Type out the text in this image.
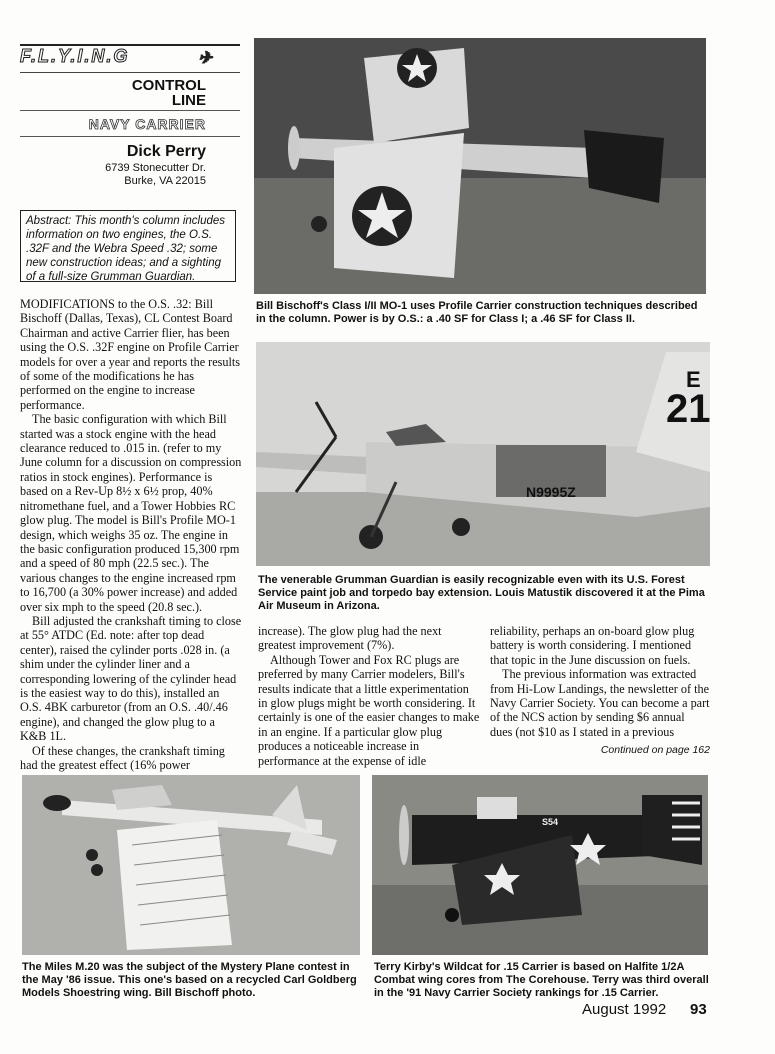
F.L.Y.I.N.G	✈
CONTROL
LINE
NAVY CARRIER
Dick Perry
6739 Stonecutter Dr.
Burke, VA 22015
Abstract: This month's column includes information on two engines, the O.S. .32F and the Webra Speed .32; some new construction ideas; and a sighting of a full-size Grumman Guardian.
Bill Bischoff's Class I/II MO-1 uses Profile Carrier construction techniques described in the column. Power is by O.S.: a .40 SF for Class I; a .46 SF for Class II.
E
21
N9995Z
The venerable Grumman Guardian is easily recognizable even with its U.S. Forest Service paint job and torpedo bay extension. Louis Matustik discovered it at the Pima Air Museum in Arizona.

MODIFICATIONS to the O.S. .32: Bill Bischoff (Dallas, Texas), CL Contest Board Chairman and active Carrier flier, has been using the O.S. .32F engine on Profile Carrier models for over a year and reports the results of some of the modifications he has performed on the engine to increase performance.

The basic configuration with which Bill started was a stock engine with the head clearance reduced to .015 in. (refer to my June column for a discussion on compression ratios in stock engines). Performance is based on a Rev-Up 8½ x 6½ prop, 40% nitromethane fuel, and a Tower Hobbies RC glow plug. The model is Bill's Profile MO-1 design, which weighs 35 oz. The engine in the basic configuration produced 15,300 rpm and a speed of 80 mph (22.5 sec.). The various changes to the engine increased rpm to 16,700 (a 30% power increase) and added over six mph to the speed (20.8 sec.).

Bill adjusted the crankshaft timing to close at 55° ATDC (Ed. note: after top dead center), raised the cylinder ports .028 in. (a shim under the cylinder liner and a corresponding lowering of the cylinder head is the easiest way to do this), installed an O.S. 4BK carburetor (from an O.S. .40/.46 engine), and changed the glow plug to a K&B 1L.

Of these changes, the crankshaft timing had the greatest effect (16% power

increase). The glow plug had the next greatest improvement (7%).

Although Tower and Fox RC plugs are preferred by many Carrier modelers, Bill's results indicate that a little experimentation in glow plugs might be worth considering. It certainly is one of the easier changes to make in an engine. If a particular glow plug produces a noticeable increase in performance at the expense of idle

reliability, perhaps an on-board glow plug battery is worth considering. I mentioned that topic in the June discussion on fuels.

The previous information was extracted from Hi-Low Landings, the newsletter of the Navy Carrier Society. You can become a part of the NCS action by sending $6 annual dues (not $10 as I stated in a previous

Continued on page 162
The Miles M.20 was the subject of the Mystery Plane contest in the May '86 issue. This one's based on a recycled Carl Goldberg Models Shoestring wing. Bill Bischoff photo.
S54
Terry Kirby's Wildcat for .15 Carrier is based on Halfite 1/2A Combat wing cores from The Corehouse. Terry was third overall in the '91 Navy Carrier Society rankings for .15 Carrier.
August 1992 93
